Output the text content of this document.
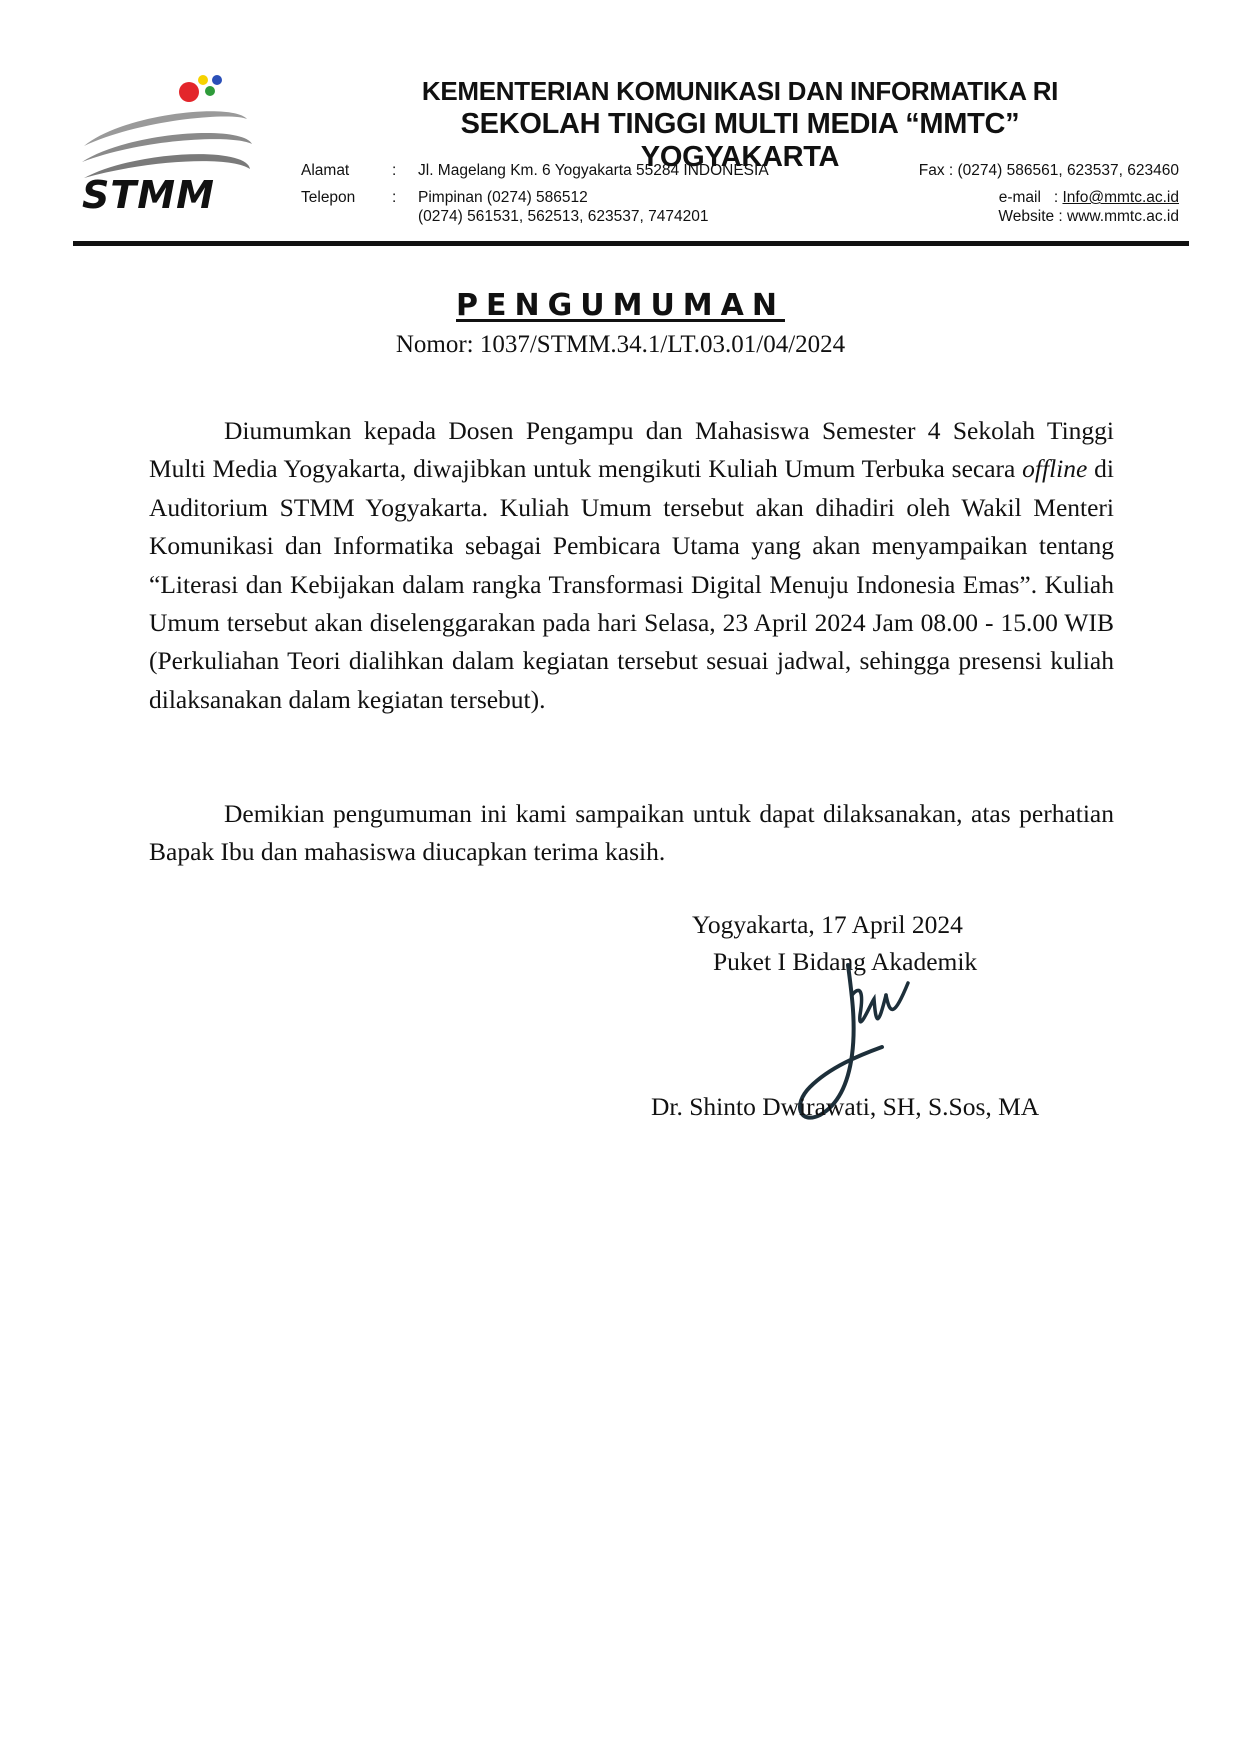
STMM
KEMENTERIAN KOMUNIKASI DAN INFORMATIKA RI
SEKOLAH TINGGI MULTI MEDIA “MMTC” YOGYAKARTA
Alamat	: Jl. Magelang Km. 6 Yogyakarta 55284 INDONESIA
Telepon : Pimpinan (0274) 586512
(0274) 561531, 562513, 623537, 7474201
Fax : (0274) 586561, 623537, 623460
e-mail : Info@mmtc.ac.id
Website : www.mmtc.ac.id
PENGUMUMAN
Nomor: 1037/STMM.34.1/LT.03.01/04/2024

Diumumkan kepada Dosen Pengampu dan Mahasiswa Semester 4 Sekolah Tinggi Multi Media Yogyakarta, diwajibkan untuk mengikuti Kuliah Umum Terbuka secara offline di Auditorium STMM Yogyakarta. Kuliah Umum tersebut akan dihadiri oleh Wakil Menteri Komunikasi dan Informatika sebagai Pembicara Utama yang akan menyampaikan tentang “Literasi dan Kebijakan dalam rangka Transformasi Digital Menuju Indonesia Emas”. Kuliah Umum tersebut akan diselenggarakan pada hari Selasa, 23 April 2024 Jam 08.00 - 15.00 WIB (Perkuliahan Teori dialihkan dalam kegiatan tersebut sesuai jadwal, sehingga presensi kuliah dilaksanakan dalam kegiatan tersebut).

Demikian pengumuman ini kami sampaikan untuk dapat dilaksanakan, atas perhatian Bapak Ibu dan mahasiswa diucapkan terima kasih.

Yogyakarta, 17 April 2024
Puket I Bidang Akademik
Dr. Shinto Dwirawati, SH, S.Sos, MA
